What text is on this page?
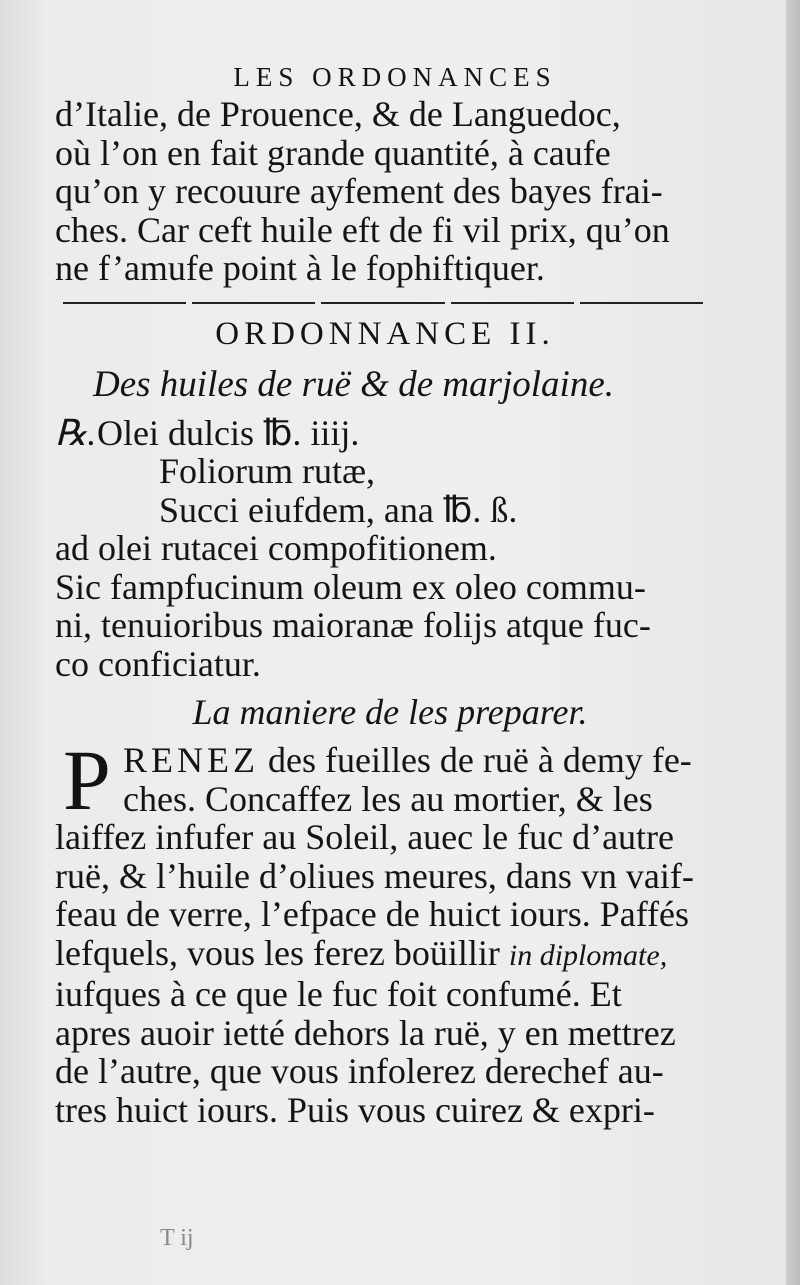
LES ORDONANCES
d’Italie, de Prouence, & de Languedoc,
où l’on en fait grande quantité, à caufe
qu’on y recouure ayfement des bayes frai-
ches. Car ceft huile eft de fi vil prix, qu’on
ne f’amufe point à le fophiftiquer.
ORDONNANCE II.
Des huiles de ruë & de marjolaine.
℞.Olei dulcis ℔. iiij.
Foliorum rutæ,
Succi eiufdem, ana ℔. ß.
ad olei rutacei compofitionem.
Sic fampfucinum oleum ex oleo commu-
ni, tenuioribus maioranæ folijs atque fuc-
co conficiatur.
La maniere de les preparer.
P RENEZ des fueilles de ruë à demy fe-
ches. Concaffez les au mortier, & les
laiffez infufer au Soleil, auec le fuc d’autre
ruë, & l’huile d’oliues meures, dans vn vaif-
feau de verre, l’efpace de huict iours. Paffés
lefquels, vous les ferez boüillir in diplomate,
iufques à ce que le fuc foit confumé. Et
apres auoir ietté dehors la ruë, y en mettrez
de l’autre, que vous infolerez derechef au-
tres huict iours. Puis vous cuirez & expri-
T ij
